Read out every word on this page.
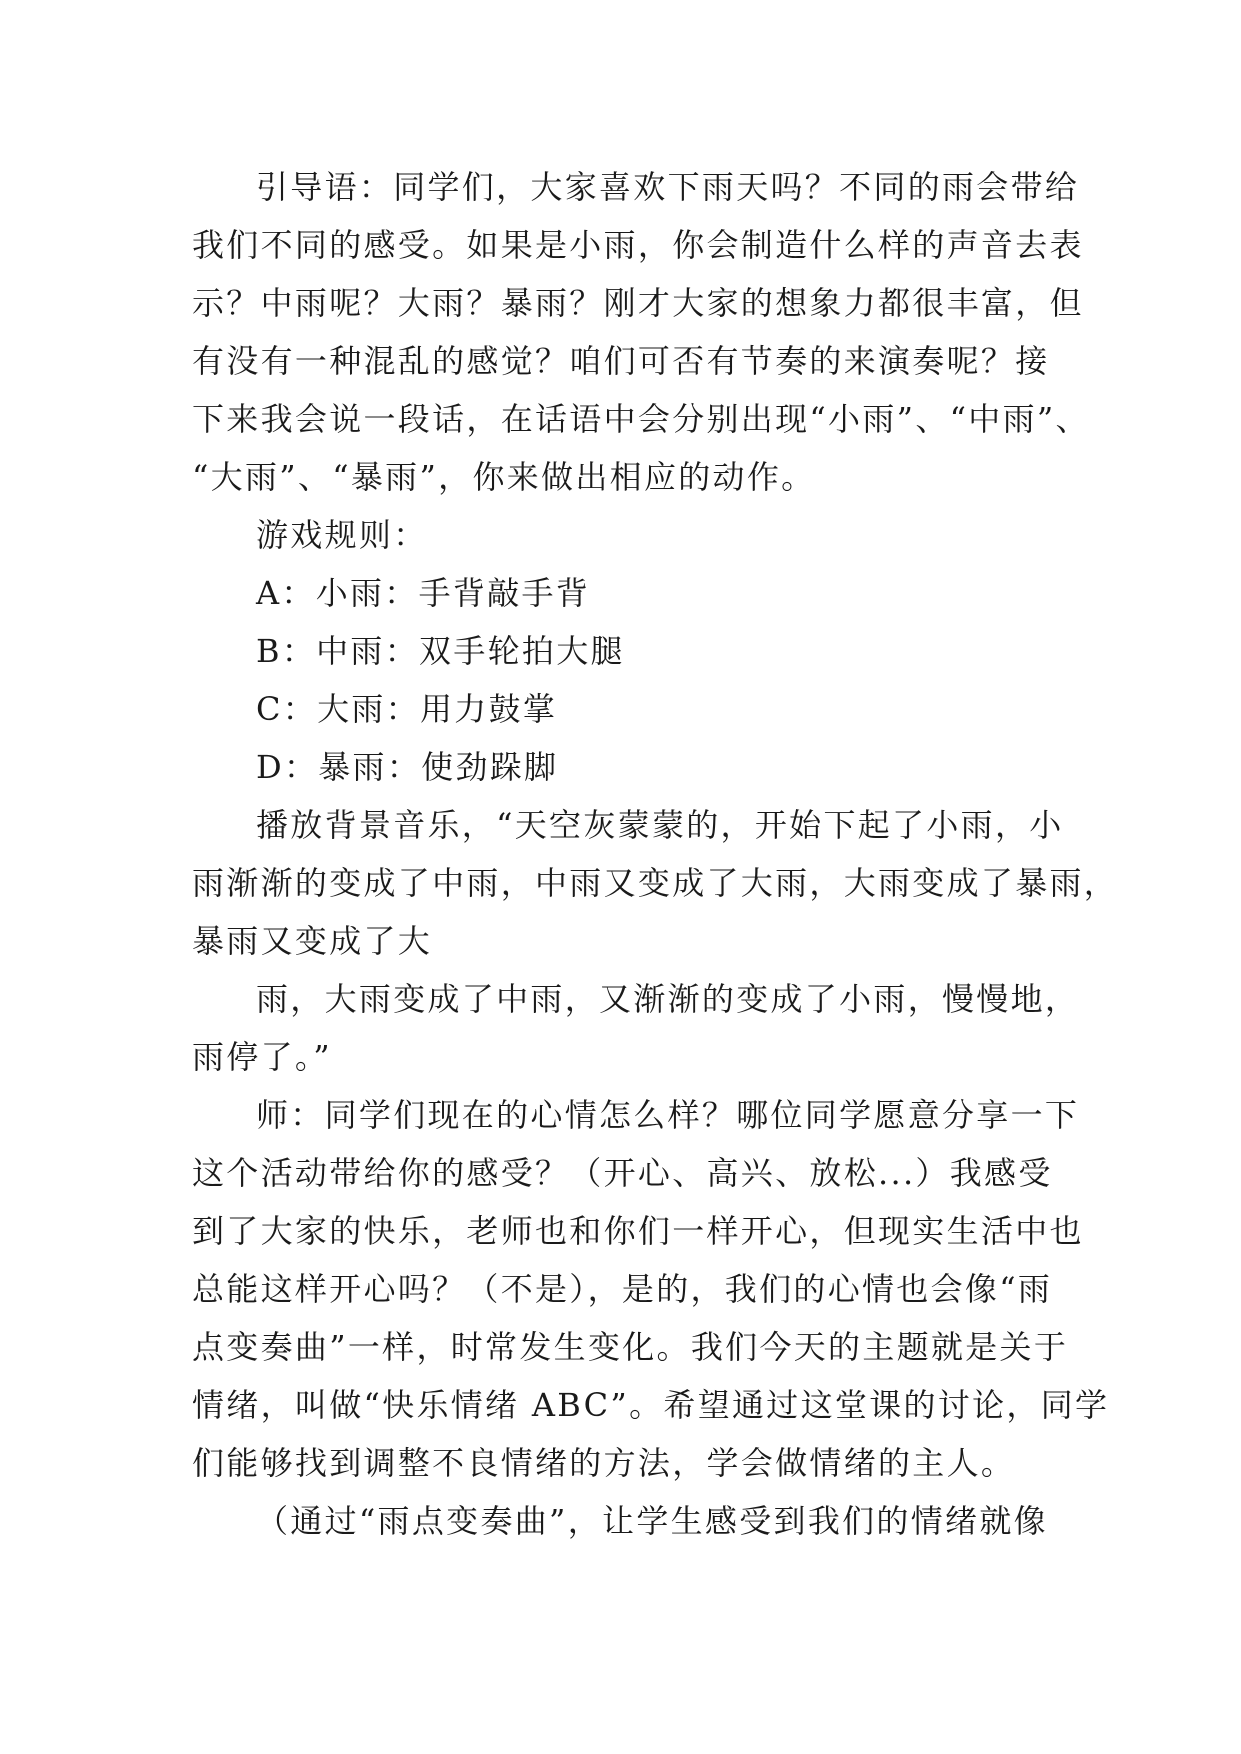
引导语：同学们，大家喜欢下雨天吗？不同的雨会带给
我们不同的感受。如果是小雨，你会制造什么样的声音去表
示？中雨呢？大雨？暴雨？刚才大家的想象力都很丰富，但
有没有一种混乱的感觉？咱们可否有节奏的来演奏呢？接
下来我会说一段话，在话语中会分别出现“小雨”、“中雨”、
“大雨”、“暴雨”，你来做出相应的动作。
游戏规则：
A：小雨：手背敲手背
B：中雨：双手轮拍大腿
C：大雨：用力鼓掌
D：暴雨：使劲跺脚
播放背景音乐，“天空灰蒙蒙的，开始下起了小雨，小
雨渐渐的变成了中雨，中雨又变成了大雨，大雨变成了暴雨，
暴雨又变成了大
雨，大雨变成了中雨，又渐渐的变成了小雨，慢慢地，
雨停了。”
师：同学们现在的心情怎么样？哪位同学愿意分享一下
这个活动带给你的感受？（开心、高兴、放松...）我感受
到了大家的快乐，老师也和你们一样开心，但现实生活中也
总能这样开心吗？（不是），是的，我们的心情也会像“雨
点变奏曲”一样，时常发生变化。我们今天的主题就是关于
情绪，叫做“快乐情绪 ABC”。希望通过这堂课的讨论，同学
们能够找到调整不良情绪的方法，学会做情绪的主人。
（通过“雨点变奏曲”，让学生感受到我们的情绪就像
